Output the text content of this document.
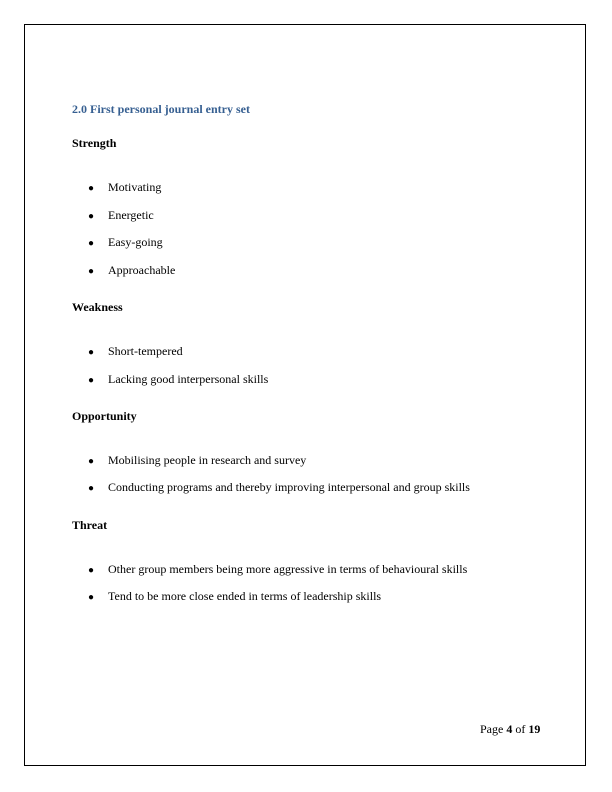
2.0 First personal journal entry set
Strength
● Motivating
● Energetic
● Easy-going
● Approachable
Weakness
● Short-tempered
● Lacking good interpersonal skills
Opportunity
● Mobilising people in research and survey
● Conducting programs and thereby improving interpersonal and group skills
Threat
● Other group members being more aggressive in terms of behavioural skills
● Tend to be more close ended in terms of leadership skills
Page 4 of 19
